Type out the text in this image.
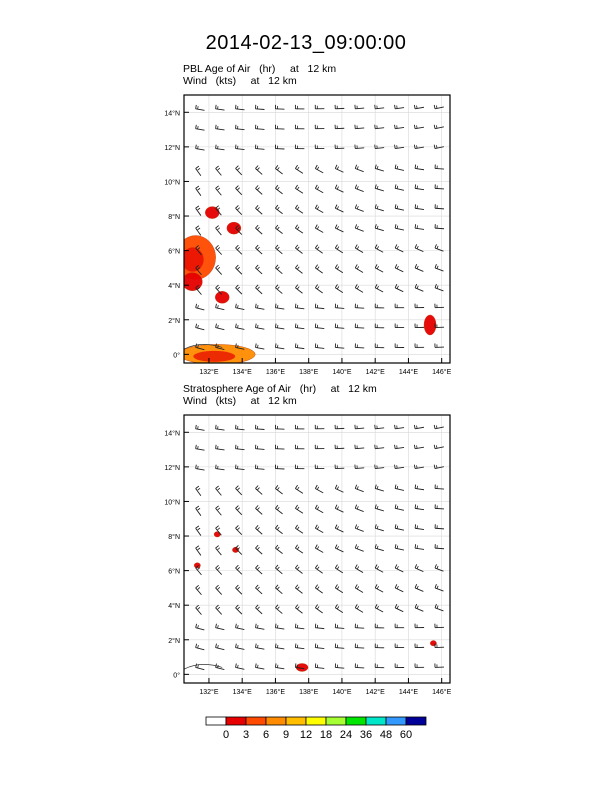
2014-02-13_09:00:00
PBL Age of Air   (hr)     at   12 km
Wind   (kts)     at   12 km
Stratosphere Age of Air   (hr)     at   12 km
Wind   (kts)     at   12 km
0°
2°N
4°N
6°N
8°N
10°N
12°N
14°N
132°E 134°E 136°E 138°E 140°E 142°E 144°E 146°E
0°
2°N
4°N
6°N
8°N
10°N
12°N
14°N
132°E 134°E 136°E 138°E 140°E 142°E 144°E 146°E
0 3 6 9 12 18 24 36 48 60
